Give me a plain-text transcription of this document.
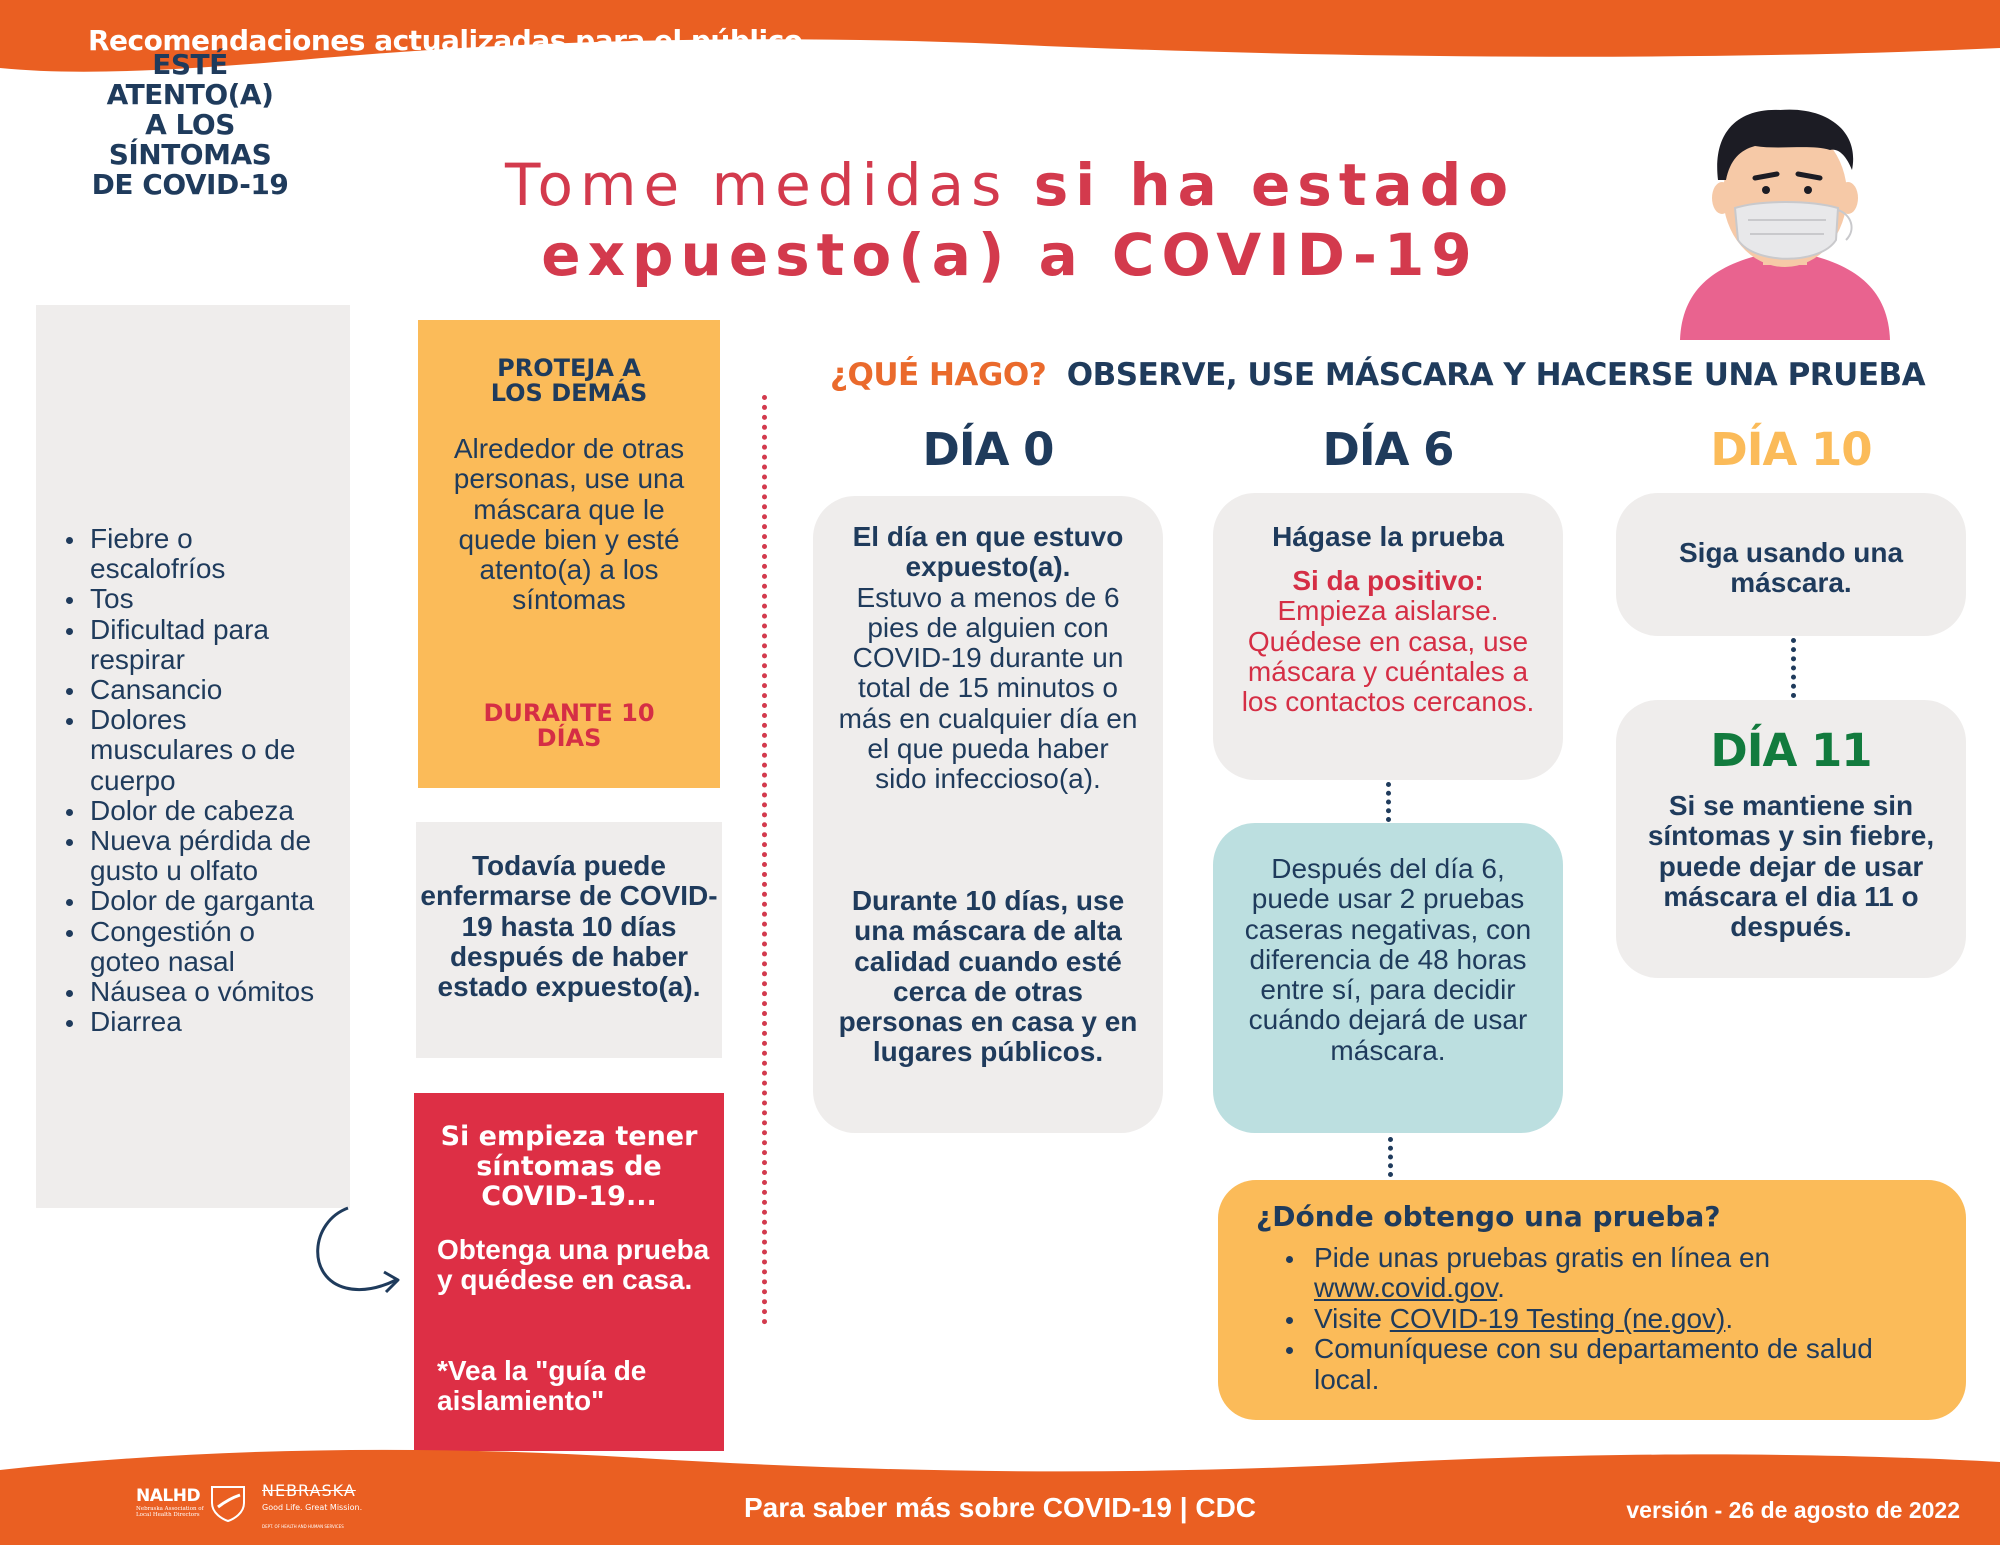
Recomendaciones actualizadas para el público
Tome medidas si ha estado
expuesto(a) a COVID-19
ESTÉ
ATENTO(A)
A LOS
SÍNTOMAS
DE COVID-19
Fiebre o escalofríos
Tos
Dificultad para respirar
Cansancio
Dolores musculares o de cuerpo
Dolor de cabeza
Nueva pérdida de gusto u olfato
Dolor de garganta
Congestión o goteo nasal
Náusea o vómitos
Diarrea
PROTEJA A
LOS DEMÁS
Alrededor de otras personas, use una máscara que le quede bien y esté atento(a) a los síntomas
DURANTE 10
DÍAS
Todavía puede enfermarse de COVID-19 hasta 10 días después de haber estado expuesto(a).
Si empieza tener
síntomas de
COVID-19...
Obtenga una prueba y quédese en casa.
*Vea la "guía de aislamiento"
¿QUÉ HAGO? OBSERVE, USE MÁSCARA Y HACERSE UNA PRUEBA
DÍA 0	DÍA 6	DÍA 10
El día en que estuvo expuesto(a).
Estuvo a menos de 6 pies de alguien con COVID-19 durante un total de 15 minutos o más en cualquier día en el que pueda haber sido infeccioso(a).
Durante 10 días, use una máscara de alta calidad cuando esté cerca de otras personas en casa y en lugares públicos.
Hágase la prueba
Si da positivo:
Empieza aislarse. Quédese en casa, use máscara y cuéntales a los contactos cercanos.
Después del día 6, puede usar 2 pruebas caseras negativas, con diferencia de 48 horas entre sí, para decidir cuándo dejará de usar máscara.
Siga usando una máscara.
DÍA 11
Si se mantiene sin síntomas y sin fiebre, puede dejar de usar máscara el dia 11 o después.
¿Dónde obtengo una prueba?
Pide unas pruebas gratis en línea en www.covid.gov.
Visite COVID-19 Testing (ne.gov).
Comuníquese con su departamento de salud local.
NALHD
Nebraska Association of Local Health Directors
NEBRASKA
Good Life. Great Mission.
DEPT. OF HEALTH AND HUMAN SERVICES
Para saber más sobre COVID-19 | CDC	versión - 26 de agosto de 2022
